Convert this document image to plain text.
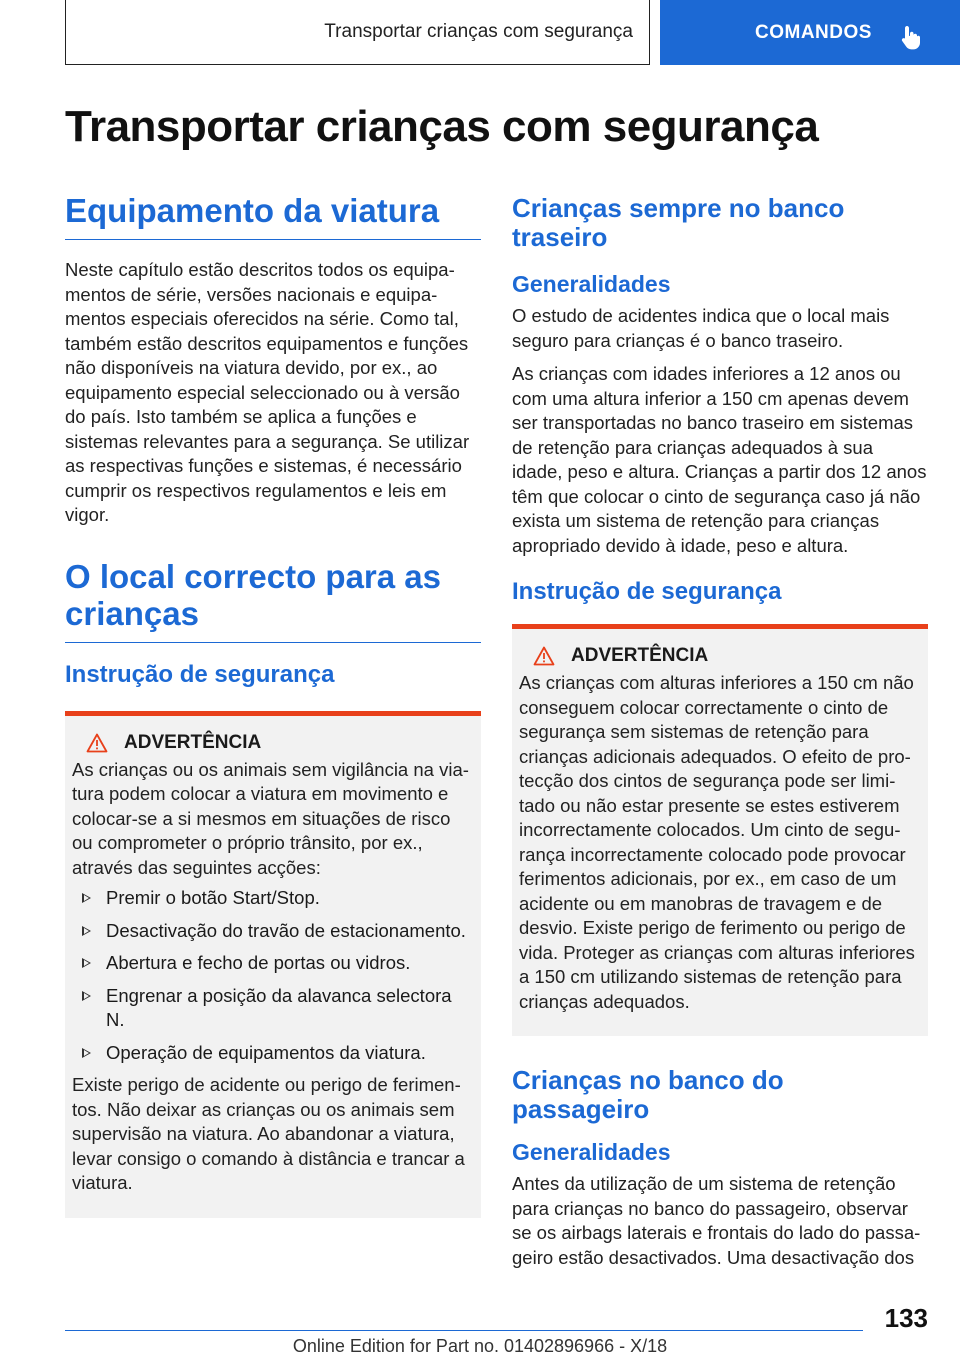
Transportar crianças com segurança	COMANDOS
Transportar crianças com segurança
Equipamento da viatura

Neste capítulo estão descritos todos os equipamentos de série, versões nacionais e equipamentos especiais oferecidos na série. Como tal, também estão descritos equipamentos e funções não disponíveis na viatura devido, por ex., ao equipamento especial seleccionado ou à versão do país. Isto também se aplica a funções e sistemas relevantes para a segurança. Se utilizar as respectivas funções e sistemas, é necessário cumprir os respectivos regulamentos e leis em vigor.

O local correcto para as crianças
Instrução de segurança
ADVERTÊNCIA

As crianças ou os animais sem vigilância na viatura podem colocar a viatura em movimento e colocar-se a si mesmos em situações de risco ou comprometer o próprio trânsito, por ex., através das seguintes acções:

Premir o botão Start/Stop.
Desactivação do travão de estacionamento.
Abertura e fecho de portas ou vidros.
Engrenar a posição da alavanca selectora N.
Operação de equipamentos da viatura.

Existe perigo de acidente ou perigo de ferimentos. Não deixar as crianças ou os animais sem supervisão na viatura. Ao abandonar a viatura, levar consigo o comando à distância e trancar a viatura.

Crianças sempre no banco traseiro
Generalidades

O estudo de acidentes indica que o local mais seguro para crianças é o banco traseiro.

As crianças com idades inferiores a 12 anos ou com uma altura inferior a 150 cm apenas devem ser transportadas no banco traseiro em sistemas de retenção para crianças adequados à sua idade, peso e altura. Crianças a partir dos 12 anos têm que colocar o cinto de segurança caso já não exista um sistema de retenção para crianças apropriado devido à idade, peso e altura.

Instrução de segurança
ADVERTÊNCIA

As crianças com alturas inferiores a 150 cm não conseguem colocar correctamente o cinto de segurança sem sistemas de retenção para crianças adicionais adequados. O efeito de protecção dos cintos de segurança pode ser limitado ou não estar presente se estes estiverem incorrectamente colocados. Um cinto de segurança incorrectamente colocado pode provocar ferimentos adicionais, por ex., em caso de um acidente ou em manobras de travagem e de desvio. Existe perigo de ferimento ou perigo de vida. Proteger as crianças com alturas inferiores a 150 cm utilizando sistemas de retenção para crianças adequados.

Crianças no banco do passageiro
Generalidades

Antes da utilização de um sistema de retenção para crianças no banco do passageiro, observar se os airbags laterais e frontais do lado do passageiro estão desactivados. Uma desactivação dos

133
Online Edition for Part no. 01402896966 - X/18
